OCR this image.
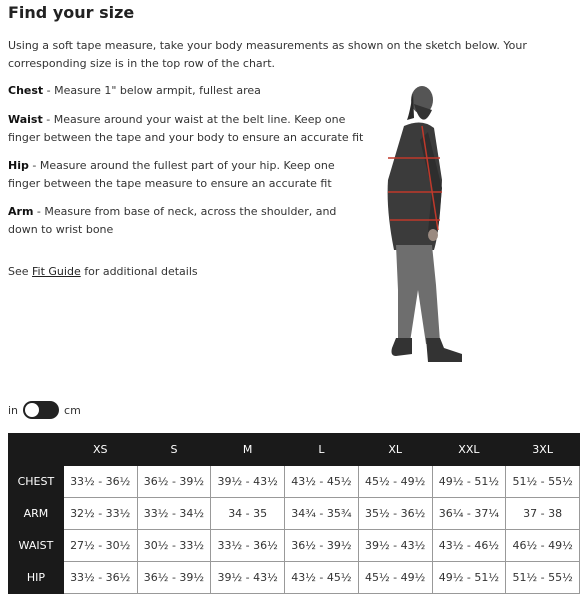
Find your size
Using a soft tape measure, take your body measurements as shown on the sketch below. Your corresponding size is in the top row of the chart.
Chest - Measure 1" below armpit, fullest area
Waist - Measure around your waist at the belt line. Keep one finger between the tape and your body to ensure an accurate fit
Hip - Measure around the fullest part of your hip. Keep one finger between the tape measure to ensure an accurate fit
Arm - Measure from base of neck, across the shoulder, and down to wrist bone
See Fit Guide for additional details
in	cm
	XS	S	M	L	XL	XXL	3XL
CHEST	33½ - 36½	36½ - 39½	39½ - 43½	43½ - 45½	45½ - 49½	49½ - 51½	51½ - 55½
ARM	32½ - 33½	33½ - 34½	34 - 35	34¾ - 35¾	35½ - 36½	36¼ - 37¼	37 - 38
WAIST	27½ - 30½	30½ - 33½	33½ - 36½	36½ - 39½	39½ - 43½	43½ - 46½	46½ - 49½
HIP	33½ - 36½	36½ - 39½	39½ - 43½	43½ - 45½	45½ - 49½	49½ - 51½	51½ - 55½
